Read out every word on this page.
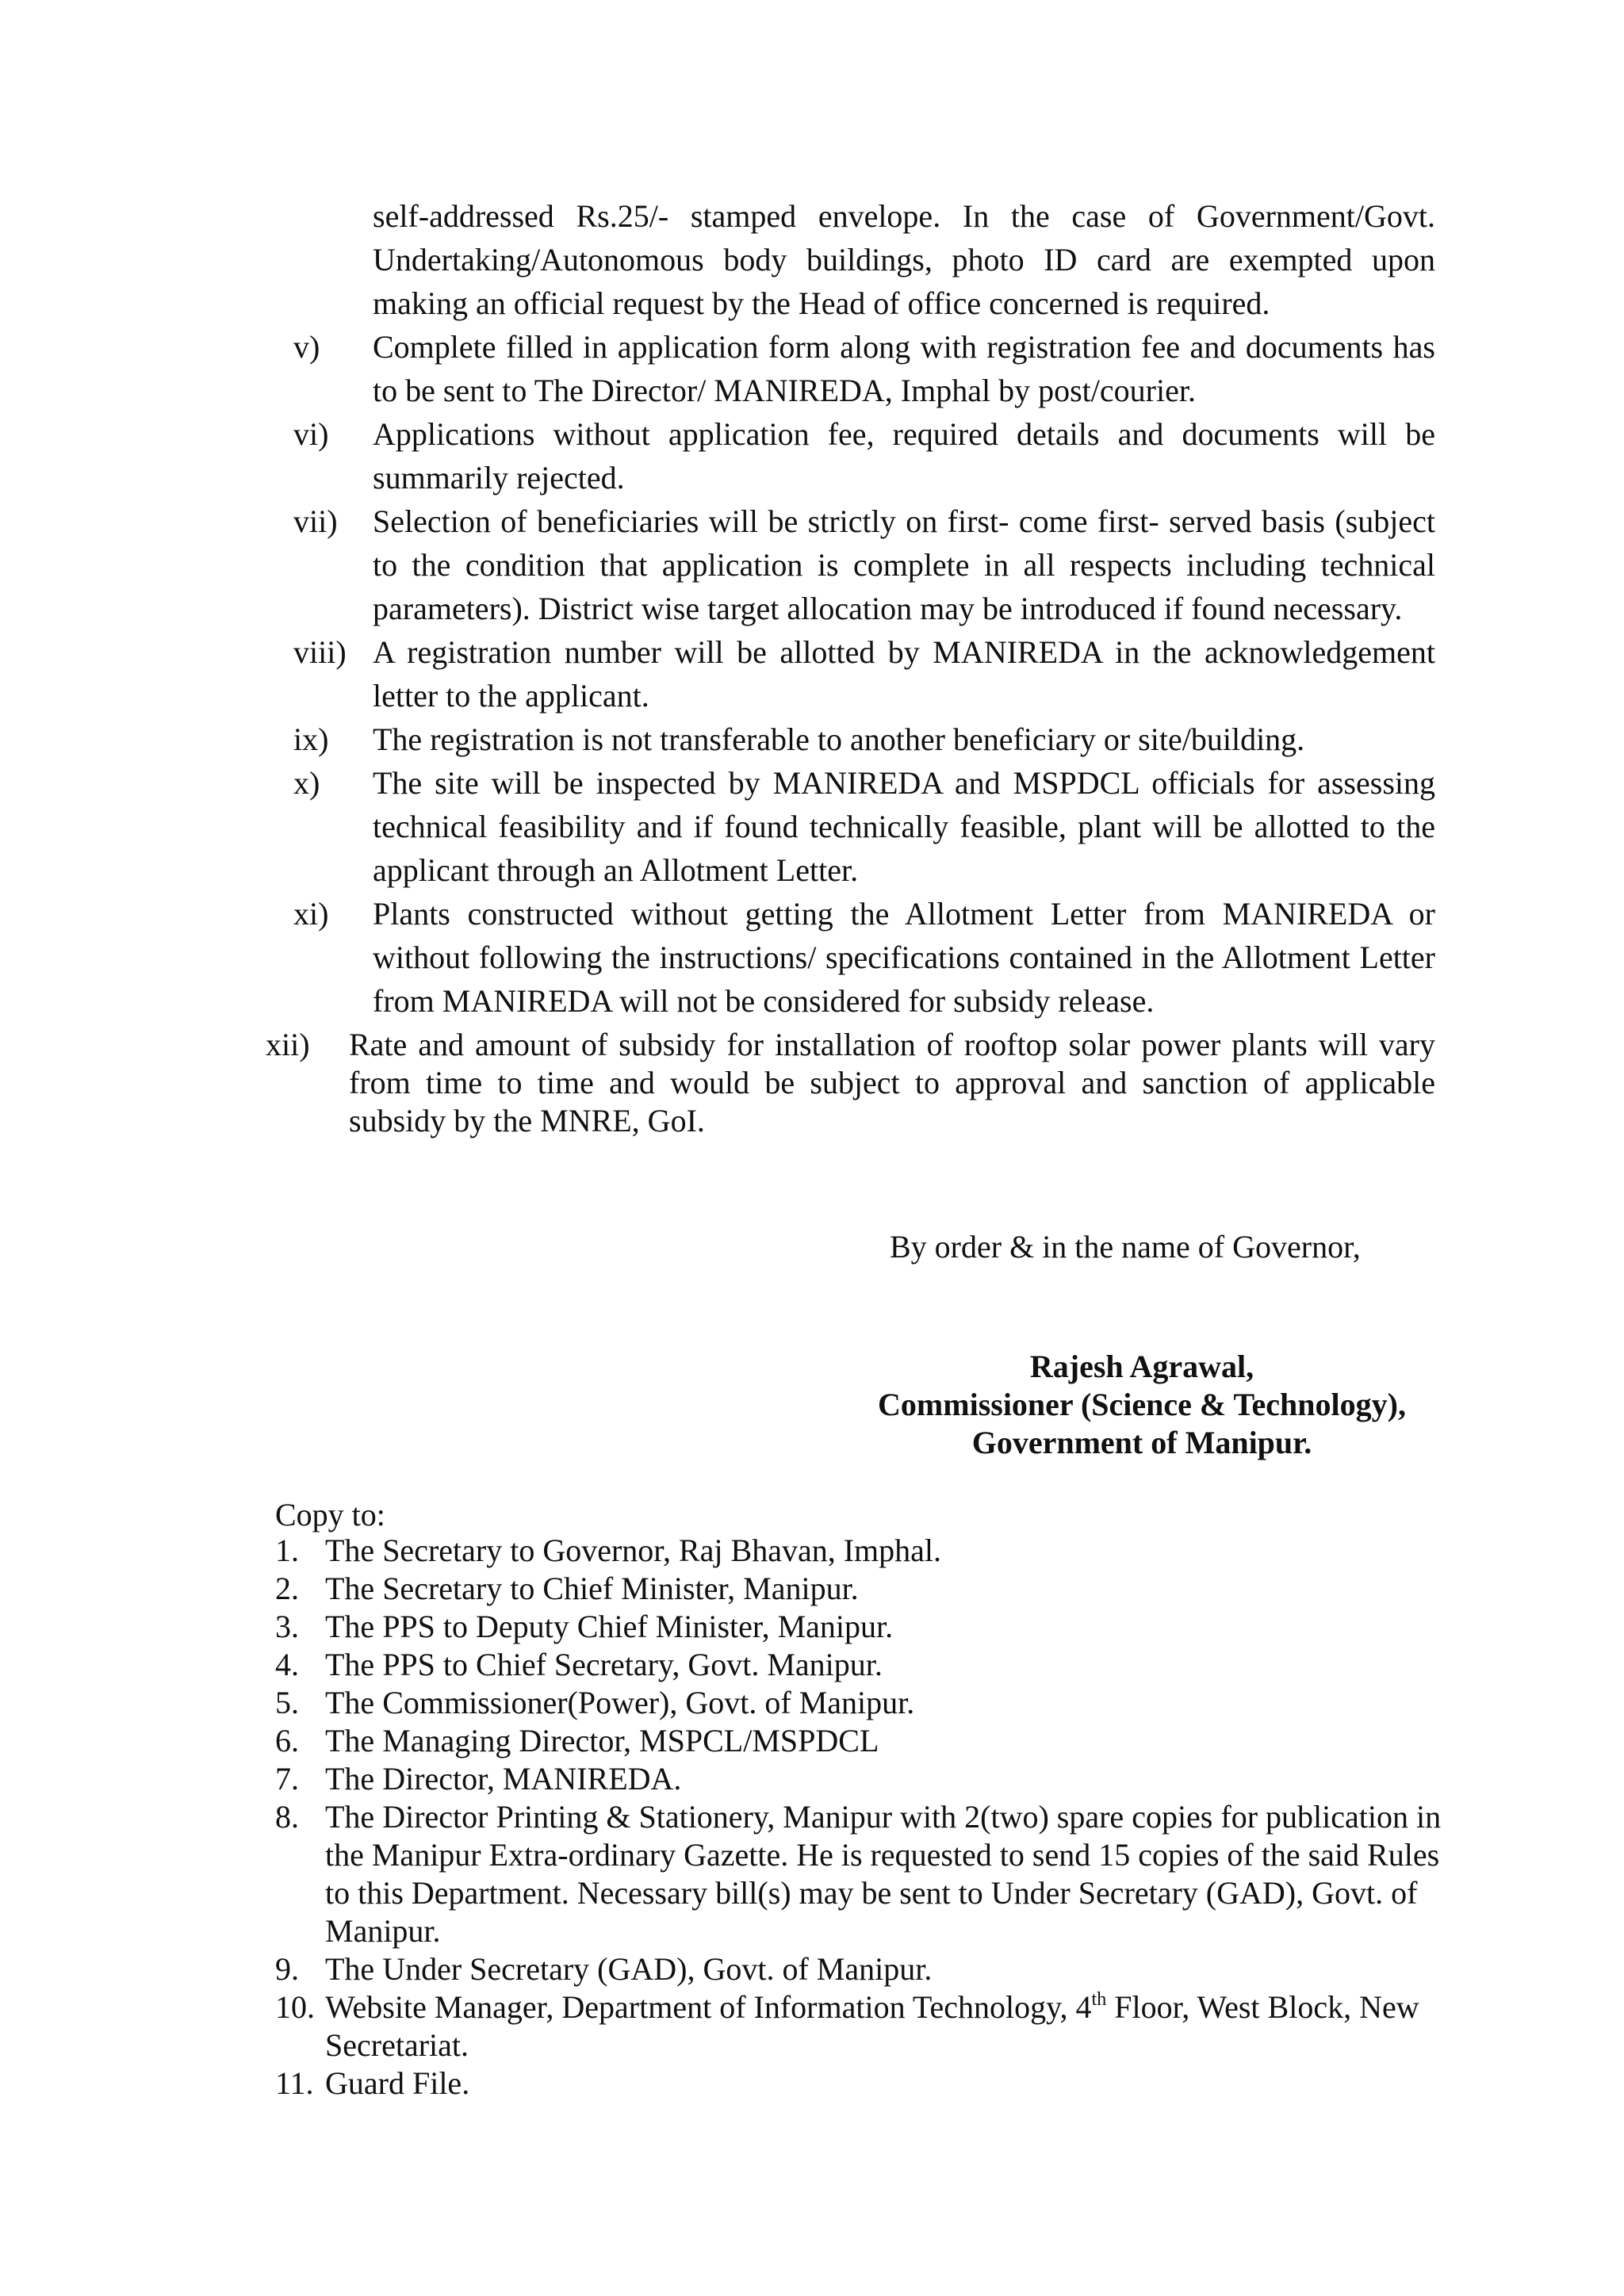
self-addressed Rs.25/- stamped envelope. In the case of Government/Govt. Undertaking/Autonomous body buildings, photo ID card are exempted upon making an official request by the Head of office concerned is required.
v)	Complete filled in application form along with registration fee and documents has to be sent to The Director/ MANIREDA, Imphal by post/courier.
vi)	Applications without application fee, required details and documents will be summarily rejected.
vii)	Selection of beneficiaries will be strictly on first- come first- served basis (subject to the condition that application is complete in all respects including technical parameters). District wise target allocation may be introduced if found necessary.
viii) A registration number will be allotted by MANIREDA in the acknowledgement letter to the applicant.
ix)	The registration is not transferable to another beneficiary or site/building.
x)	The site will be inspected by MANIREDA and MSPDCL officials for assessing technical feasibility and if found technically feasible, plant will be allotted to the applicant through an Allotment Letter.
xi)	Plants constructed without getting the Allotment Letter from MANIREDA or without following the instructions/ specifications contained in the Allotment Letter from MANIREDA will not be considered for subsidy release.
xii)	Rate and amount of subsidy for installation of rooftop solar power plants will vary from time to time and would be subject to approval and sanction of applicable subsidy by the MNRE, GoI.
By order & in the name of Governor,
Rajesh Agrawal,
Commissioner (Science & Technology),
Government of Manipur.
Copy to:
1. The Secretary to Governor, Raj Bhavan, Imphal.
2. The Secretary to Chief Minister, Manipur.
3. The PPS to Deputy Chief Minister, Manipur.
4. The PPS to Chief Secretary, Govt. Manipur.
5. The Commissioner(Power), Govt. of Manipur.
6. The Managing Director, MSPCL/MSPDCL
7. The Director, MANIREDA.
8. The Director Printing & Stationery, Manipur with 2(two) spare copies for publication in the Manipur Extra-ordinary Gazette. He is requested to send 15 copies of the said Rules to this Department. Necessary bill(s) may be sent to Under Secretary (GAD), Govt. of Manipur.
9. The Under Secretary (GAD), Govt. of Manipur.
10. Website Manager, Department of Information Technology, 4th Floor, West Block, New Secretariat.
11. Guard File.
